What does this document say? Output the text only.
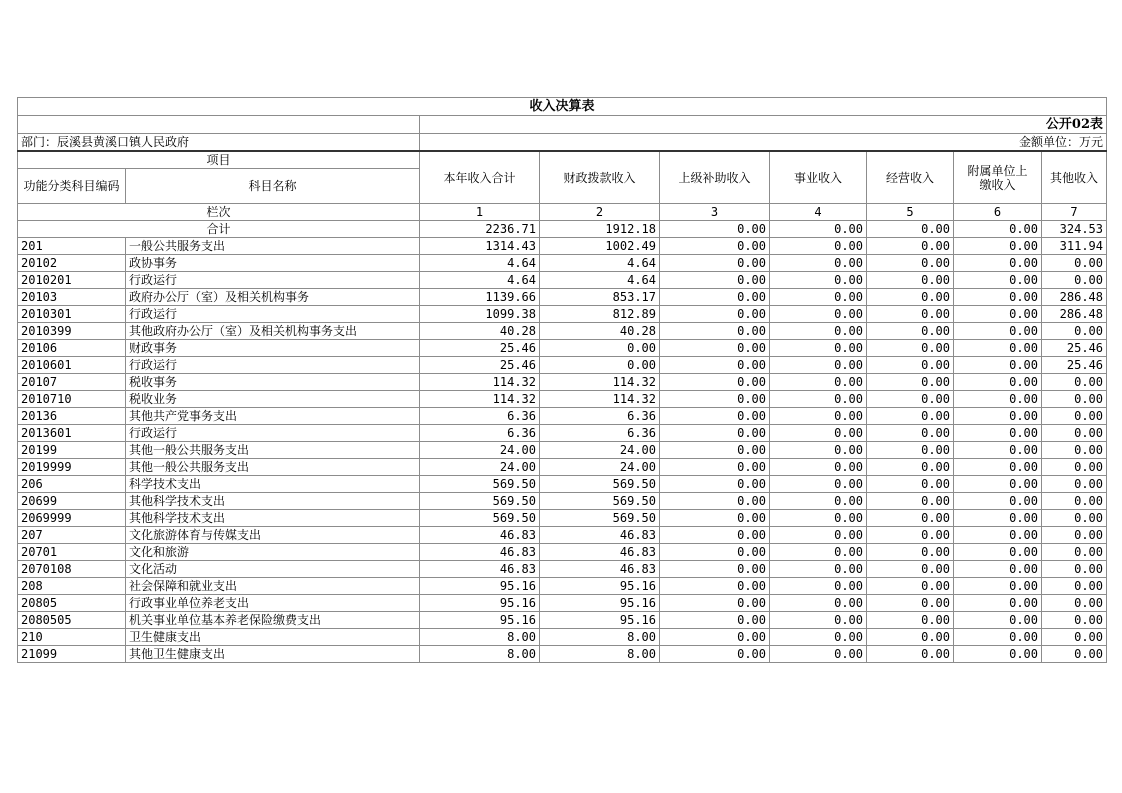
收入决算表								
		公开02表						
部门：辰溪县黄溪口镇人民政府		金额单位：万元						
项目		本年收入合计	财政拨款收入	上级补助收入	事业收入	经营收入	附属单位上缴收入	其他收入
功能分类科目编码	科目名称							
栏次		1	2	3	4	5	6	7
合计		2236.71	1912.18	0.00	0.00	0.00	0.00	324.53
201	一般公共服务支出	1314.43	1002.49	0.00	0.00	0.00	0.00	311.94
20102	政协事务	4.64	4.64	0.00	0.00	0.00	0.00	0.00
2010201	行政运行	4.64	4.64	0.00	0.00	0.00	0.00	0.00
20103	政府办公厅（室）及相关机构事务	1139.66	853.17	0.00	0.00	0.00	0.00	286.48
2010301	行政运行	1099.38	812.89	0.00	0.00	0.00	0.00	286.48
2010399	其他政府办公厅（室）及相关机构事务支出	40.28	40.28	0.00	0.00	0.00	0.00	0.00
20106	财政事务	25.46	0.00	0.00	0.00	0.00	0.00	25.46
2010601	行政运行	25.46	0.00	0.00	0.00	0.00	0.00	25.46
20107	税收事务	114.32	114.32	0.00	0.00	0.00	0.00	0.00
2010710	税收业务	114.32	114.32	0.00	0.00	0.00	0.00	0.00
20136	其他共产党事务支出	6.36	6.36	0.00	0.00	0.00	0.00	0.00
2013601	行政运行	6.36	6.36	0.00	0.00	0.00	0.00	0.00
20199	其他一般公共服务支出	24.00	24.00	0.00	0.00	0.00	0.00	0.00
2019999	其他一般公共服务支出	24.00	24.00	0.00	0.00	0.00	0.00	0.00
206	科学技术支出	569.50	569.50	0.00	0.00	0.00	0.00	0.00
20699	其他科学技术支出	569.50	569.50	0.00	0.00	0.00	0.00	0.00
2069999	其他科学技术支出	569.50	569.50	0.00	0.00	0.00	0.00	0.00
207	文化旅游体育与传媒支出	46.83	46.83	0.00	0.00	0.00	0.00	0.00
20701	文化和旅游	46.83	46.83	0.00	0.00	0.00	0.00	0.00
2070108	文化活动	46.83	46.83	0.00	0.00	0.00	0.00	0.00
208	社会保障和就业支出	95.16	95.16	0.00	0.00	0.00	0.00	0.00
20805	行政事业单位养老支出	95.16	95.16	0.00	0.00	0.00	0.00	0.00
2080505	机关事业单位基本养老保险缴费支出	95.16	95.16	0.00	0.00	0.00	0.00	0.00
210	卫生健康支出	8.00	8.00	0.00	0.00	0.00	0.00	0.00
21099	其他卫生健康支出	8.00	8.00	0.00	0.00	0.00	0.00	0.00
